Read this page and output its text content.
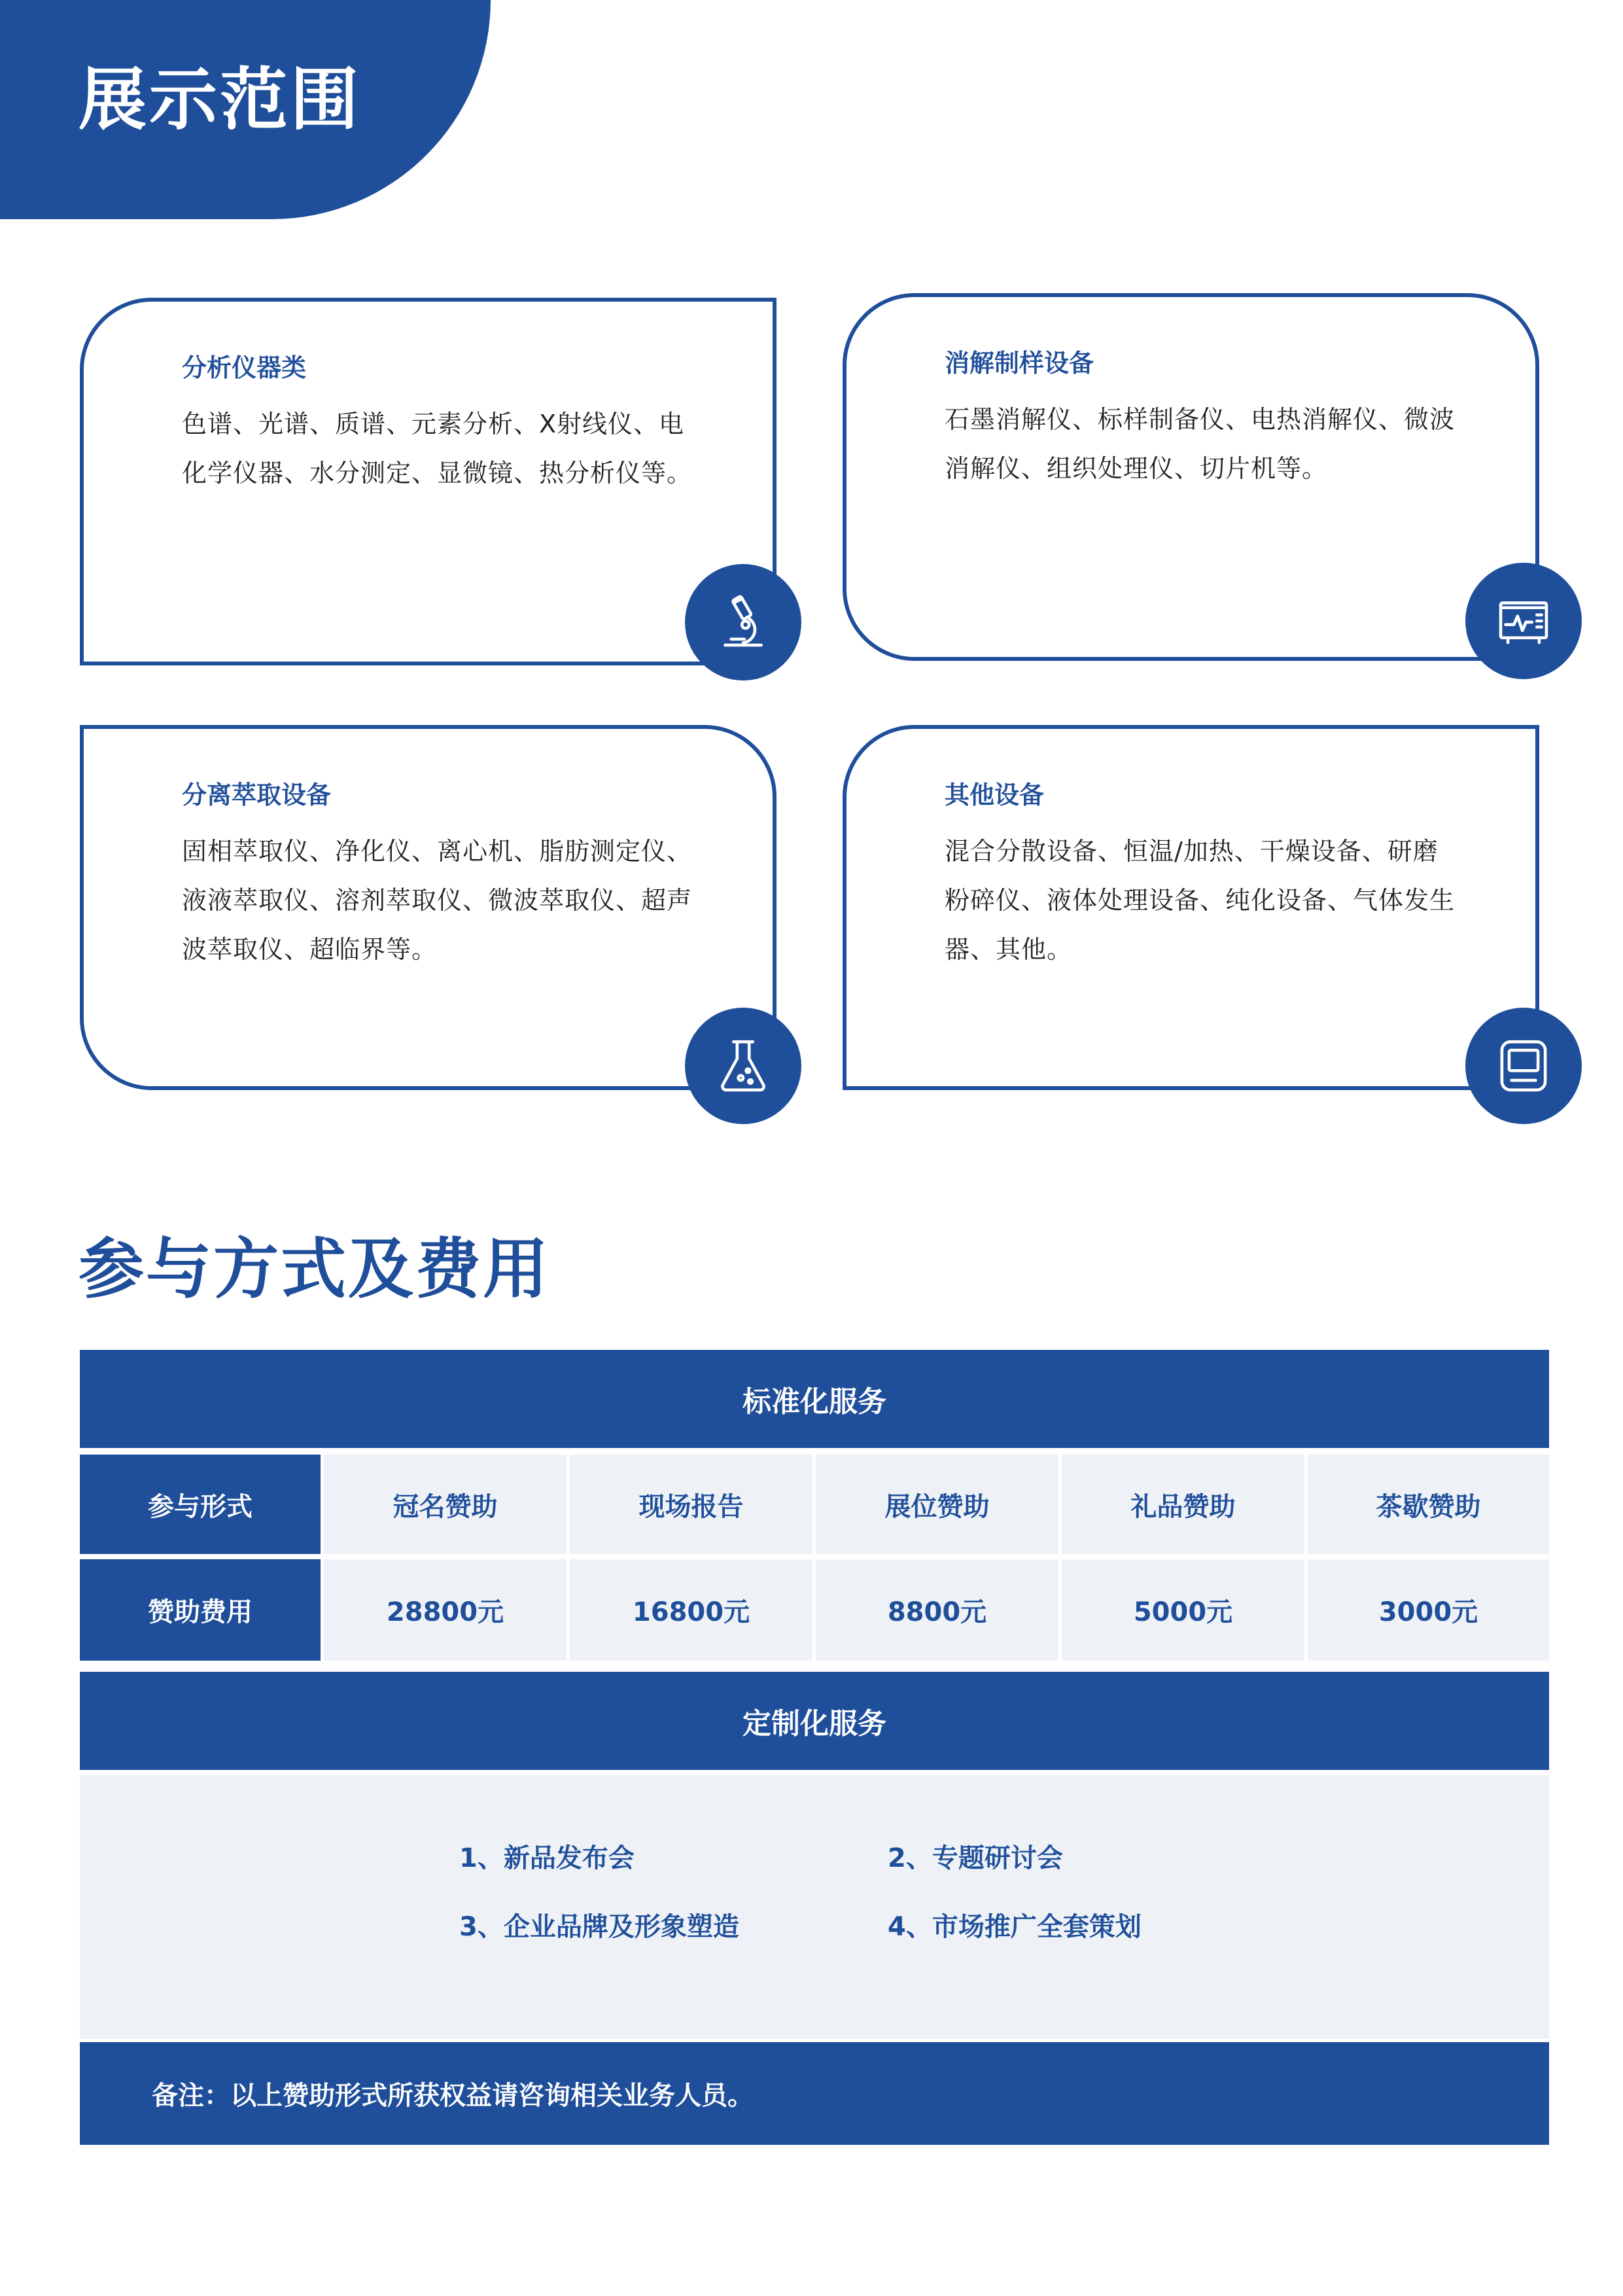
展示范围
分析仪器类

色谱、光谱、质谱、元素分析、X射线仪、电化学仪器、水分测定、显微镜、热分析仪等。

消解制样设备

石墨消解仪、标样制备仪、电热消解仪、微波消解仪、组织处理仪、切片机等。

分离萃取设备

固相萃取仪、净化仪、离心机、脂肪测定仪、液液萃取仪、溶剂萃取仪、微波萃取仪、超声波萃取仪、超临界等。

其他设备

混合分散设备、恒温/加热、干燥设备、研磨粉碎仪、液体处理设备、纯化设备、气体发生器、其他。

参与方式及费用
标准化服务
参与形式	冠名赞助	现场报告	展位赞助	礼品赞助	茶歇赞助
赞助费用	28800元	16800元	8800元	5000元	3000元
定制化服务
1、新品发布会	2、专题研讨会
3、企业品牌及形象塑造	4、市场推广全套策划
备注：以上赞助形式所获权益请咨询相关业务人员。
